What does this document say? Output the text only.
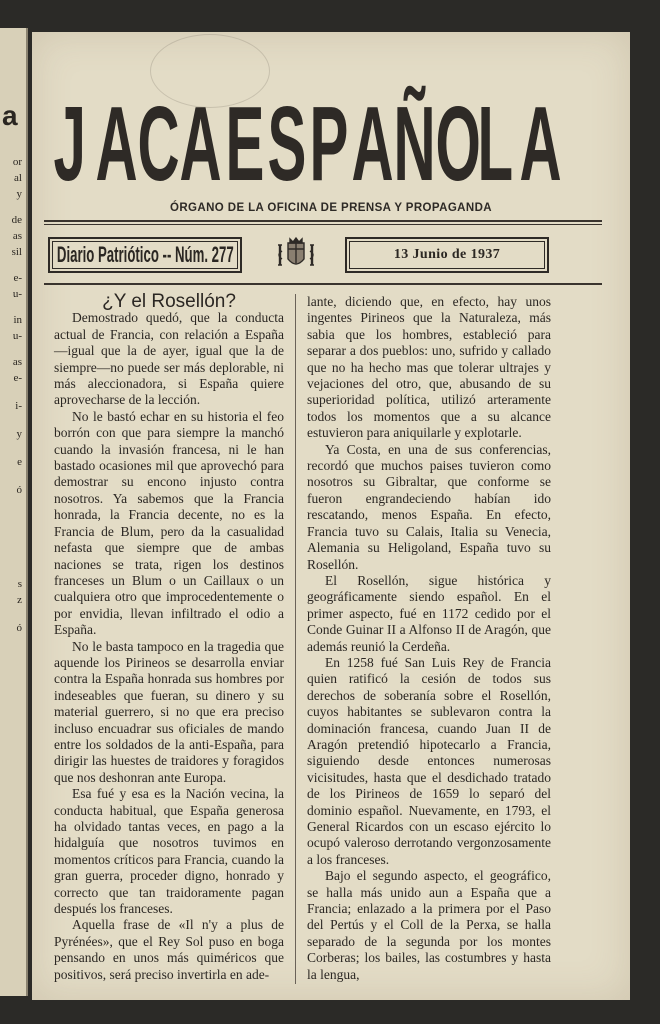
a
or
al
y
de
as
sil
e-
u-
in
u-
as
e-
i-
y
e
ó
s
z
ó
J A C A E S P A Ñ O
L A
ÓRGANO DE LA OFICINA DE PRENSA Y PROPAGANDA
Diario Patriótico -- Núm. 277	13 Junio de 1937

¿Y el Rosellón?

Demostrado quedó, que la conducta actual de Francia, con relación a España—igual que la de ayer, igual que la de siempre—no puede ser más deplorable, ni más aleccionadora, si España quiere aprovecharse de la lección.

No le bastó echar en su historia el feo borrón con que para siempre la manchó cuando la invasión francesa, ni le han bastado ocasiones mil que aprovechó para demostrar su encono injusto contra nosotros. Ya sabemos que la Francia honrada, la Francia decente, no es la Francia de Blum, pero da la casualidad nefasta que siempre que de ambas naciones se trata, rigen los destinos franceses un Blum o un Caillaux o un cualquiera otro que improcedentemente o por envidia, llevan infiltrado el odio a España.

No le basta tampoco en la tragedia que aquende los Pirineos se desarrolla enviar contra la España honrada sus hombres por indeseables que fueran, su dinero y su material guerrero, si no que era preciso incluso encuadrar sus oficiales de mando entre los soldados de la anti-España, para dirigir las huestes de traidores y foragidos que nos deshonran ante Europa.

Esa fué y esa es la Nación vecina, la conducta habitual, que España generosa ha olvidado tantas veces, en pago a la hidalguía que nosotros tuvimos en momentos críticos para Francia, cuando la gran guerra, proceder digno, honrado y correcto que tan traidoramente pagan después los franceses.

Aquella frase de «Il n'y a plus de Pyrénées», que el Rey Sol puso en boga pensando en unos más quiméricos que positivos, será preciso invertirla en ade-

lante, diciendo que, en efecto, hay unos ingentes Pirineos que la Naturaleza, más sabia que los hombres, estableció para separar a dos pueblos: uno, sufrido y callado que no ha hecho mas que tolerar ultrajes y vejaciones del otro, que, abusando de su superioridad política, utilizó arteramente todos los momentos que a su alcance estuvieron para aniquilarle y explotarle.

Ya Costa, en una de sus conferencias, recordó que muchos paises tuvieron como nosotros su Gibraltar, que conforme se fueron engrandeciendo habían ido rescatando, menos España. En efecto, Francia tuvo su Calais, Italia su Venecia, Alemania su Heligoland, España tuvo su Rosellón.

El Rosellón, sigue histórica y geográficamente siendo español. En el primer aspecto, fué en 1172 cedido por el Conde Guinar II a Alfonso II de Aragón, que además reunió la Cerdeña.

En 1258 fué San Luis Rey de Francia quien ratificó la cesión de todos sus derechos de soberanía sobre el Rosellón, cuyos habitantes se sublevaron contra la dominación francesa, cuando Juan II de Aragón pretendió hipotecarlo a Francia, siguiendo desde entonces numerosas vicisitudes, hasta que el desdichado tratado de los Pirineos de 1659 lo separó del dominio español. Nuevamente, en 1793, el General Ricardos con un escaso ejército lo ocupó valeroso derrotando vergonzosamente a los franceses.

Bajo el segundo aspecto, el geográfico, se halla más unido aun a España que a Francia; enlazado a la primera por el Paso del Pertús y el Coll de la Perxa, se halla separado de la segunda por los montes Corberas; los bailes, las costumbres y hasta la lengua,
